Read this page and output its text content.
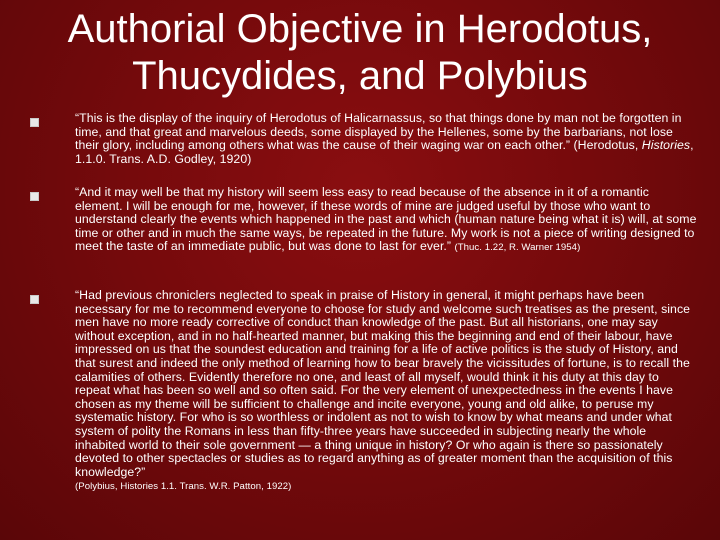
Authorial Objective in Herodotus,
Thucydides, and Polybius
“This is the display of the inquiry of Herodotus of Halicarnassus, so that things done by man not be forgotten in time, and that great and marvelous deeds, some displayed by the Hellenes, some by the barbarians, not lose their glory, including among others what was the cause of their waging war on each other.” (Herodotus, Histories, 1.1.0. Trans. A.D. Godley, 1920)
“And it may well be that my history will seem less easy to read because of the absence in it of a romantic element. I will be enough for me, however, if these words of mine are judged useful by those who want to understand clearly the events which happened in the past and which (human nature being what it is) will, at some time or other and in much the same ways, be repeated in the future. My work is not a piece of writing designed to meet the taste of an immediate public, but was done to last for ever.” (Thuc. 1.22, R. Warner 1954)
“Had previous chroniclers neglected to speak in praise of History in general, it might perhaps have been necessary for me to recommend everyone to choose for study and welcome such treatises as the present, since men have no more ready corrective of conduct than knowledge of the past. But all historians, one may say without exception, and in no half-hearted manner, but making this the beginning and end of their labour, have impressed on us that the soundest education and training for a life of active politics is the study of History, and that surest and indeed the only method of learning how to bear bravely the vicissitudes of fortune, is to recall the calamities of others. Evidently therefore no one, and least of all myself, would think it his duty at this day to repeat what has been so well and so often said. For the very element of unexpectedness in the events I have chosen as my theme will be sufficient to challenge and incite everyone, young and old alike, to peruse my systematic history. For who is so worthless or indolent as not to wish to know by what means and under what system of polity the Romans in less than fifty-three years have succeeded in subjecting nearly the whole inhabited world to their sole government — a thing unique in history? Or who again is there so passionately devoted to other spectacles or studies as to regard anything as of greater moment than the acquisition of this knowledge?”
(Polybius, Histories 1.1. Trans. W.R. Patton, 1922)
